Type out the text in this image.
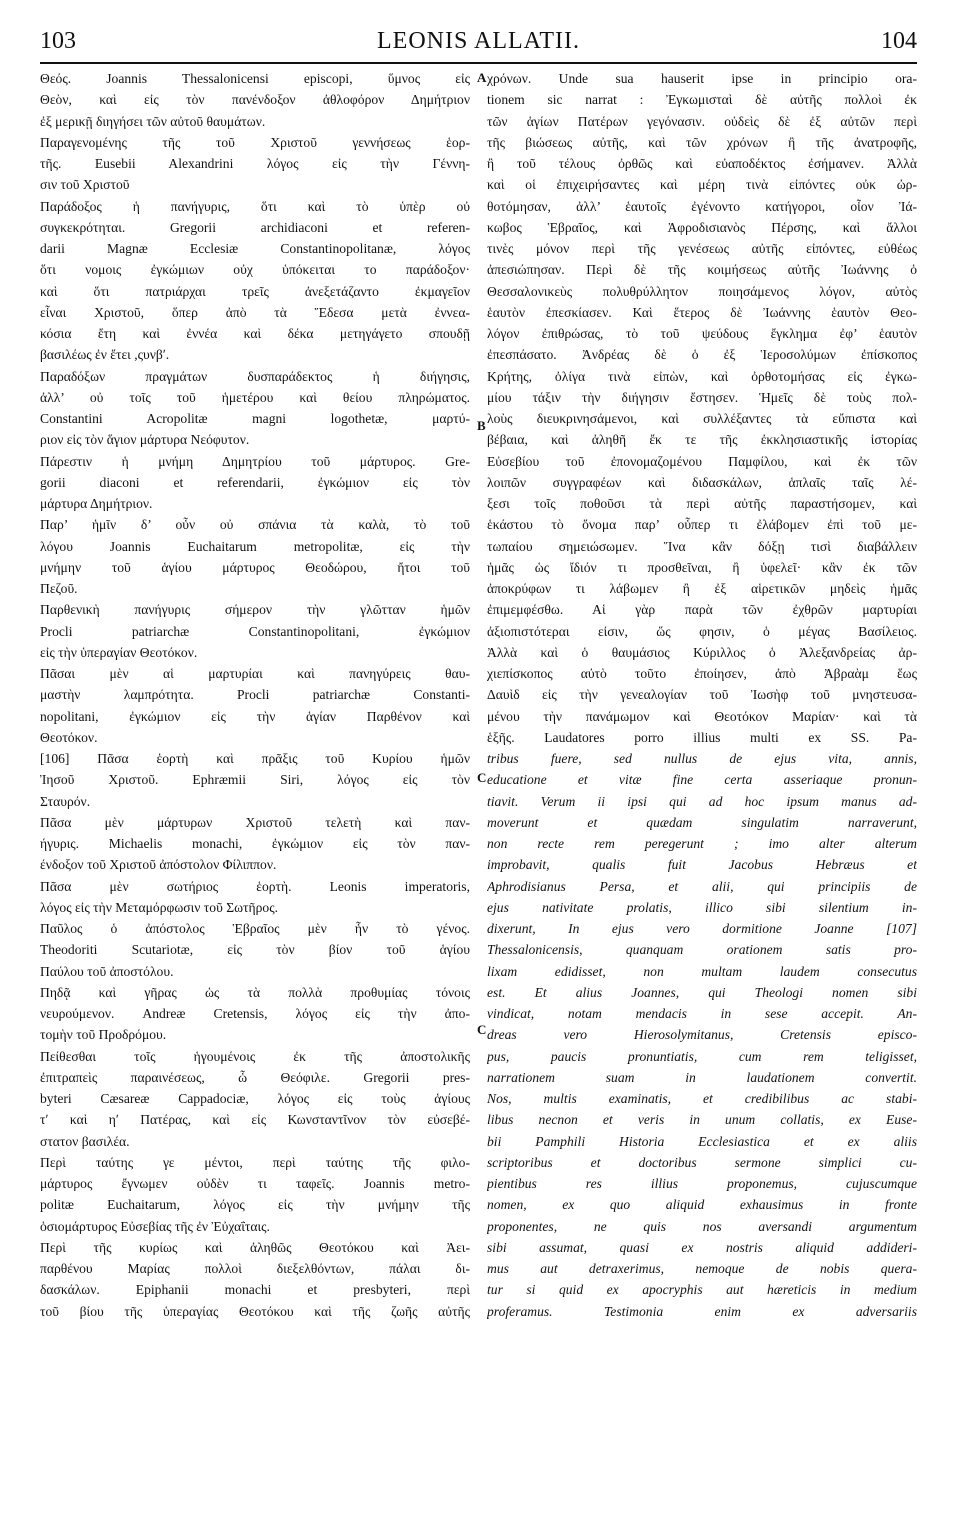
103	LEONIS ALLATII.	104
A
B
C
C
Θεός. Joannis Thessalonicensi episcopi, ὕμνος εἰς
Θεὸν, καὶ εἰς τὸν πανένδοξον ἀθλοφόρον Δημήτριον
ἐξ μερικῇ διηγήσει τῶν αὐτοῦ θαυμάτων.
Παραγενομένης τῆς τοῦ Χριστοῦ γεννήσεως ἑορ-
τῆς. Eusebii Alexandrini λόγος εἰς τὴν Γέννη-
σιν τοῦ Χριστοῦ
Παράδοξος ἡ πανήγυρις, ὅτι καὶ τὸ ὑπὲρ οὐ
συγκεκρότηται. Gregorii archidiaconi et referen-
darii Magnæ Ecclesiæ Constantinopolitanæ, λόγος
ὅτι νομοις ἐγκώμιων οὐχ ὑπόκειται το παράδοξον·
καὶ ὅτι πατριάρχαι τρεῖς ἀνεξετάζαντο ἐκμαγεῖον
εἶναι Χριστοῦ, ὅπερ ἀπὸ τὰ Ἔδεσα μετὰ ἐννεα-
κόσια ἔτη καὶ ἐννέα καὶ δέκα μετηγάγετο σπουδῇ
βασιλέως ἐν ἔτει ,ςυνβʹ.
Παραδόξων πραγμάτων δυσπαράδεκτος ἡ διήγησις,
ἀλλ’ οὐ τοῖς τοῦ ἡμετέρου καὶ θείου πληρώματος.
Constantini Acropolitæ magni logothetæ, μαρτύ-
ριον εἰς τὸν ἅγιον μάρτυρα Νεόφυτον.
Πάρεστιν ἡ μνήμη Δημητρίου τοῦ μάρτυρος. Gre-
gorii diaconi et referendarii, ἐγκώμιον εἰς τὸν
μάρτυρα Δημήτριον.
Παρ’ ἡμῖν δ’ οὖν οὐ σπάνια τὰ καλὰ, τὸ τοῦ
λόγου Joannis Euchaitarum metropolitæ, εἰς τὴν
μνήμην τοῦ ἁγίου μάρτυρος Θεοδώρου, ἤτοι τοῦ
Πεζοῦ.
Παρθενικὴ πανήγυρις σήμερον τὴν γλῶτταν ἡμῶν
Procli patriarchæ Constantinopolitani, ἐγκώμιον
εἰς τὴν ὑπεραγίαν Θεοτόκον.
Πᾶσαι μὲν αἱ μαρτυρίαι καὶ πανηγύρεις θαυ-
μαστὴν λαμπρότητα. Procli patriarchæ Constanti-
nopolitani, ἐγκώμιον εἰς τὴν ἁγίαν Παρθένον καὶ
Θεοτόκον.
[106] Πᾶσα ἑορτὴ καὶ πρᾶξις τοῦ Κυρίου ἡμῶν
Ἰησοῦ Χριστοῦ. Ephræmii Siri, λόγος εἰς τὸν
Σταυρόν.
Πᾶσα μὲν μάρτυρων Χριστοῦ τελετὴ καὶ παν-
ήγυρις. Michaelis monachi, ἐγκώμιον εἰς τὸν παν-
ένδοξον τοῦ Χριστοῦ ἀπόστολον Φίλιππον.
Πᾶσα μὲν σωτήριος ἑορτὴ. Leonis imperatoris,
λόγος εἰς τὴν Μεταμόρφωσιν τοῦ Σωτῆρος.
Παῦλος ὁ ἀπόστολος Ἑβραῖος μὲν ἦν τὸ γένος.
Theodoriti Scutariotæ, εἰς τὸν βίον τοῦ ἁγίου
Παύλου τοῦ ἀποστόλου.
Πηδᾷ καὶ γῆρας ὡς τὰ πολλὰ προθυμίας τόνοις
νευρούμενον. Andreæ Cretensis, λόγος εἰς τὴν ἀπο-
τομὴν τοῦ Προδρόμου.
Πείθεσθαι τοῖς ἡγουμένοις ἐκ τῆς ἀποστολικῆς
ἐπιτραπεὶς παραινέσεως, ὦ Θεόφιλε. Gregorii pres-
byteri Cæsareæ Cappadociæ, λόγος εἰς τοὺς ἁγίους
τʹ καὶ ηʹ Πατέρας, καὶ εἰς Κωνσταντῖνον τὸν εὐσεβέ-
στατον βασιλέα.
Περὶ ταύτης γε μέντοι, περὶ ταύτης τῆς φιλο-
μάρτυρος ἔγνωμεν οὐδὲν τι ταφεῖς. Joannis metro-
politæ Euchaitarum, λόγος εἰς τὴν μνήμην τῆς
ὁσιομάρτυρος Εὐσεβίας τῆς ἐν Ἐὐχαΐταις.
Περὶ τῆς κυρίως καὶ ἀληθῶς Θεοτόκου καὶ Ἀει-
παρθένου Μαρίας πολλοὶ διεξελθόντων, πάλαι δι-
δασκάλων. Epiphanii monachi et presbyteri, περὶ
τοῦ βίου τῆς ὑπεραγίας Θεοτόκου καὶ τῆς ζωῆς αὐτῆς
χρόνων. Unde sua hauserit ipse in principio ora-
tionem sic narrat : Ἐγκωμισταὶ δὲ αὐτῆς πολλοὶ ἐκ
τῶν ἁγίων Πατέρων γεγόνασιν. οὐδεὶς δὲ ἐξ αὐτῶν περὶ
τῆς βιώσεως αὐτῆς, καὶ τῶν χρόνων ἢ τῆς ἀνατροφῆς,
ἢ τοῦ τέλους ὀρθῶς καὶ εὐαποδέκτος ἐσήμανεν. Ἀλλὰ
καὶ οἱ ἐπιχειρήσαντες καὶ μέρη τινὰ εἰπόντες οὐκ ὠρ-
θοτόμησαν, ἀλλ’ ἑαυτοῖς ἐγένοντο κατήγοροι, οἷον Ἰά-
κωβος Ἑβραῖος, καὶ Ἀφροδισιανὸς Πέρσης, καὶ ἄλλοι
τινὲς μόνον περὶ τῆς γενέσεως αὐτῆς εἰπόντες, εὐθέως
ἀπεσιώπησαν. Περὶ δὲ τῆς κοιμήσεως αὐτῆς Ἰωάννης ὁ
Θεσσαλονικεὺς πολυθρύλλητον ποιησάμενος λόγον, αὐτὸς
ἑαυτὸν ἐπεσκίασεν. Καὶ ἕτερος δὲ Ἰωάννης ἑαυτὸν Θεο-
λόγον ἐπιθρώσας, τὸ τοῦ ψεύδους ἔγκλημα ἐφ’ ἑαυτὸν
ἐπεσπάσατο. Ἀνδρέας δὲ ὁ ἐξ Ἱεροσολύμων ἐπίσκοπος
Κρήτης, ὀλίγα τινὰ εἰπὼν, καὶ ὀρθοτομήσας εἰς ἐγκω-
μίου τάξιν τὴν διήγησιν ἔστησεν. Ἡμεῖς δὲ τοὺς πολ-
λοὺς διευκρινησάμενοι, καὶ συλλέξαντες τὰ εὔπιστα καὶ
βέβαια, καὶ ἀληθῆ ἔκ τε τῆς ἐκκλησιαστικῆς ἱστορίας
Εὐσεβίου τοῦ ἐπονομαζομένου Παμφίλου, καὶ ἐκ τῶν
λοιπῶν συγγραφέων καὶ διδασκάλων, ἁπλαῖς ταῖς λέ-
ξεσι τοῖς ποθοῦσι τὰ περὶ αὐτῆς παραστήσομεν, καὶ
ἑκάστου τὸ ὄνομα παρ’ οὗπερ τι ἐλάβομεν ἐπὶ τοῦ με-
τωπαίου σημειώσωμεν. Ἵνα κἂν δόξῃ τισὶ διαβάλλειν
ἡμᾶς ὡς ἴδιόν τι προσθεῖναι, ἢ ὑφελεῖ· κἂν ἐκ τῶν
ἀποκρύφων τι λάβωμεν ἢ ἐξ αἱρετικῶν μηδεὶς ἡμᾶς
ἐπιμεμφέσθω. Αἱ γὰρ παρὰ τῶν ἐχθρῶν μαρτυρίαι
ἀξιοπιστότεραι εἰσιν, ὥς φησιν, ὁ μέγας Βασίλειος.
Ἀλλὰ καὶ ὁ θαυμάσιος Κύριλλος ὁ Ἀλεξανδρείας ἀρ-
χιεπίσκοπος αὐτὸ τοῦτο ἐποίησεν, ἀπὸ Ἀβραὰμ ἕως
Δαυὶδ εἰς τὴν γενεαλογίαν τοῦ Ἰωσὴφ τοῦ μνηστευσα-
μένου τὴν πανάμωμον καὶ Θεοτόκον Μαρίαν· καὶ τὰ
ἑξῆς. Laudatores porro illius multi ex SS. Pa-
tribus fuere, sed nullus de ejus vita, annis,
educatione et vitæ fine certa asseriaque pronun-
tiavit. Verum ii ipsi qui ad hoc ipsum manus ad-
moverunt et quædam singulatim narraverunt,
non recte rem peregerunt ; imo alter alterum
improbavit, qualis fuit Jacobus Hebræus et
Aphrodisianus Persa, et alii, qui principiis de
ejus nativitate prolatis, illico sibi silentium in-
dixerunt, In ejus vero dormitione Joanne [107]
Thessalonicensis, quanquam orationem satis pro-
lixam edidisset, non multam laudem consecutus
est. Et alius Joannes, qui Theologi nomen sibi
vindicat, notam mendacis in sese accepit. An-
dreas vero Hierosolymitanus, Cretensis episco-
pus, paucis pronuntiatis, cum rem teligisset,
narrationem suam in laudationem convertit.
Nos, multis examinatis, et credibilibus ac stabi-
libus necnon et veris in unum collatis, ex Euse-
bii Pamphili Historia Ecclesiastica et ex aliis
scriptoribus et doctoribus sermone simplici cu-
pientibus res illius proponemus, cujuscumque
nomen, ex quo aliquid exhausimus in fronte
proponentes, ne quis nos aversandi argumentum
sibi assumat, quasi ex nostris aliquid addideri-
mus aut detraxerimus, nemoque de nobis quera-
tur si quid ex apocryphis aut hæreticis in medium
proferamus. Testimonia enim ex adversariis
